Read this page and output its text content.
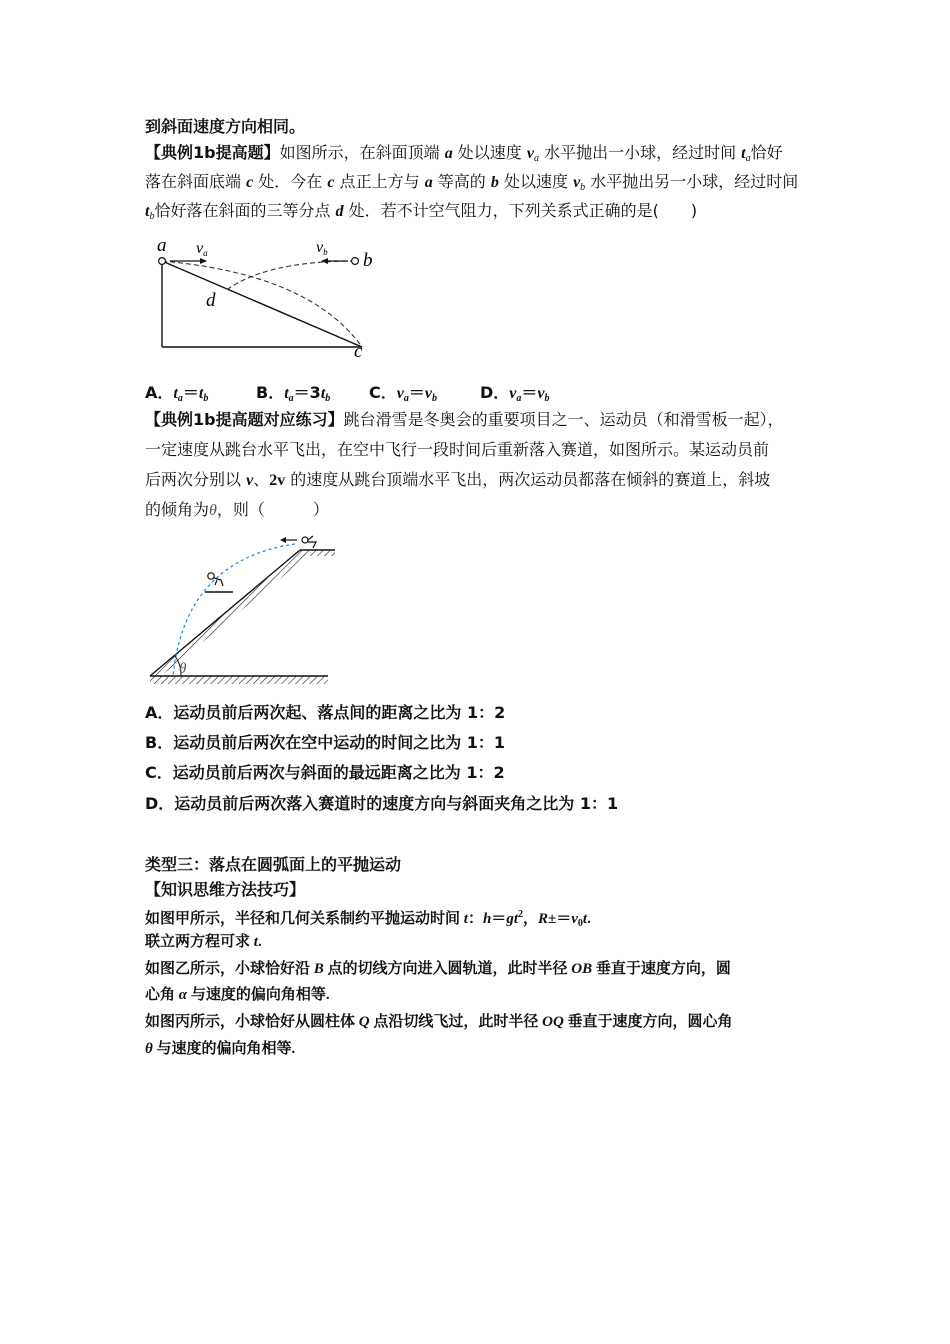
到斜面速度方向相同。
【典例1b提高题】如图所示，在斜面顶端 a 处以速度 $v_a$ 水平抛出一小球，经过时间 $t_a$恰好
落在斜面底端 c 处．今在 c 点正上方与 a 等高的 b 处以速度 $v_b$ 水平抛出另一小球，经过时间
$t_b$恰好落在斜面的三等分点 d 处．若不计空气阻力，下列关系式正确的是(　　)
a va	vb b
d
c
A．$t_a=t_b$	B．$t_a=3t_b$ C．$v_a=v_b$	D．$v_a=v_b$
【典例1b提高题对应练习】跳台滑雪是冬奥会的重要项目之一、运动员（和滑雪板一起），
一定速度从跳台水平飞出，在空中飞行一段时间后重新落入赛道，如图所示。某运动员前
后两次分别以 v、2v 的速度从跳台顶端水平飞出，两次运动员都落在倾斜的赛道上，斜坡
的倾角为θ，则（　　　）
θ
A．运动员前后两次起、落点间的距离之比为 1：2
B．运动员前后两次在空中运动的时间之比为 1：1
C．运动员前后两次与斜面的最远距离之比为 1：2
D．运动员前后两次落入赛道时的速度方向与斜面夹角之比为 1：1
类型三：落点在圆弧面上的平抛运动
【知识思维方法技巧】
如图甲所示，半径和几何关系制约平抛运动时间 t：$h=gt^2$，$R\pm=v_0t$.
联立两方程可求 t.
如图乙所示，小球恰好沿 B 点的切线方向进入圆轨道，此时半径 OB 垂直于速度方向，圆
心角 α 与速度的偏向角相等.
如图丙所示，小球恰好从圆柱体 Q 点沿切线飞过，此时半径 OQ 垂直于速度方向，圆心角
θ 与速度的偏向角相等.
